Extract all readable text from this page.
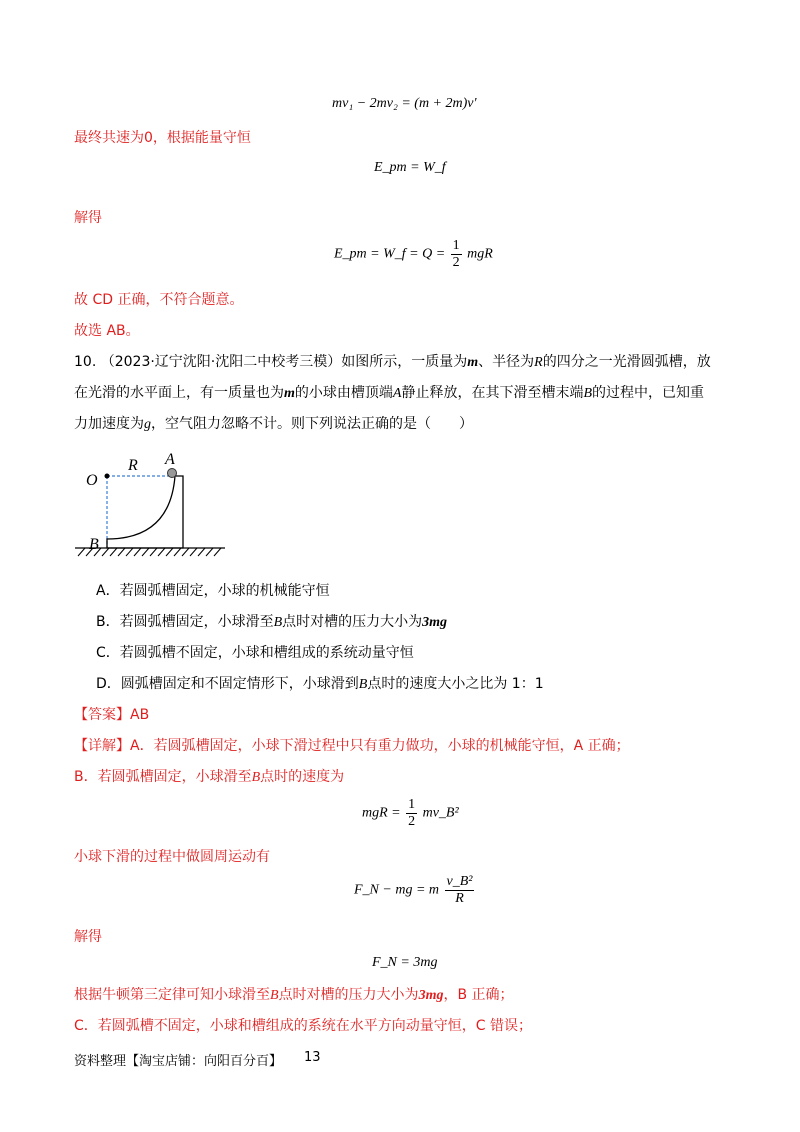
mv₁ − 2mv₂ = (m + 2m)v'
最终共速为0，根据能量守恒
E_pm = W_f
解得
E_pm = W_f = $Q = \frac{1}{2}$ mgR
故 CD 正确，不符合题意。
故选 AB。
10. （2023·辽宁沈阳·沈阳二中校考三模）如图所示，一质量为m、半径为R的四分之一光滑圆弧槽，放
在光滑的水平面上，有一质量也为m的小球由槽顶端A静止释放，在其下滑至槽末端B的过程中，已知重
力加速度为g，空气阻力忽略不计。则下列说法正确的是（　　）
O
R A
B
A．若圆弧槽固定，小球的机械能守恒
B．若圆弧槽固定，小球滑至B点时对槽的压力大小为3mg
C．若圆弧槽不固定，小球和槽组成的系统动量守恒
D．圆弧槽固定和不固定情形下，小球滑到B点时的速度大小之比为 1：1
【答案】AB
【详解】A．若圆弧槽固定，小球下滑过程中只有重力做功，小球的机械能守恒，A 正确；
B．若圆弧槽固定，小球滑至B点时的速度为
mgR = $\frac{1}{2}$ mv_B²
小球下滑的过程中做圆周运动有
F_N − mg = m $\frac{\text{v\_B²}}{R}$
解得
F_N = 3mg
根据牛顿第三定律可知小球滑至B点时对槽的压力大小为3mg，B 正确；
C．若圆弧槽不固定，小球和槽组成的系统在水平方向动量守恒，C 错误；
资料整理【淘宝店铺：向阳百分百】 13
